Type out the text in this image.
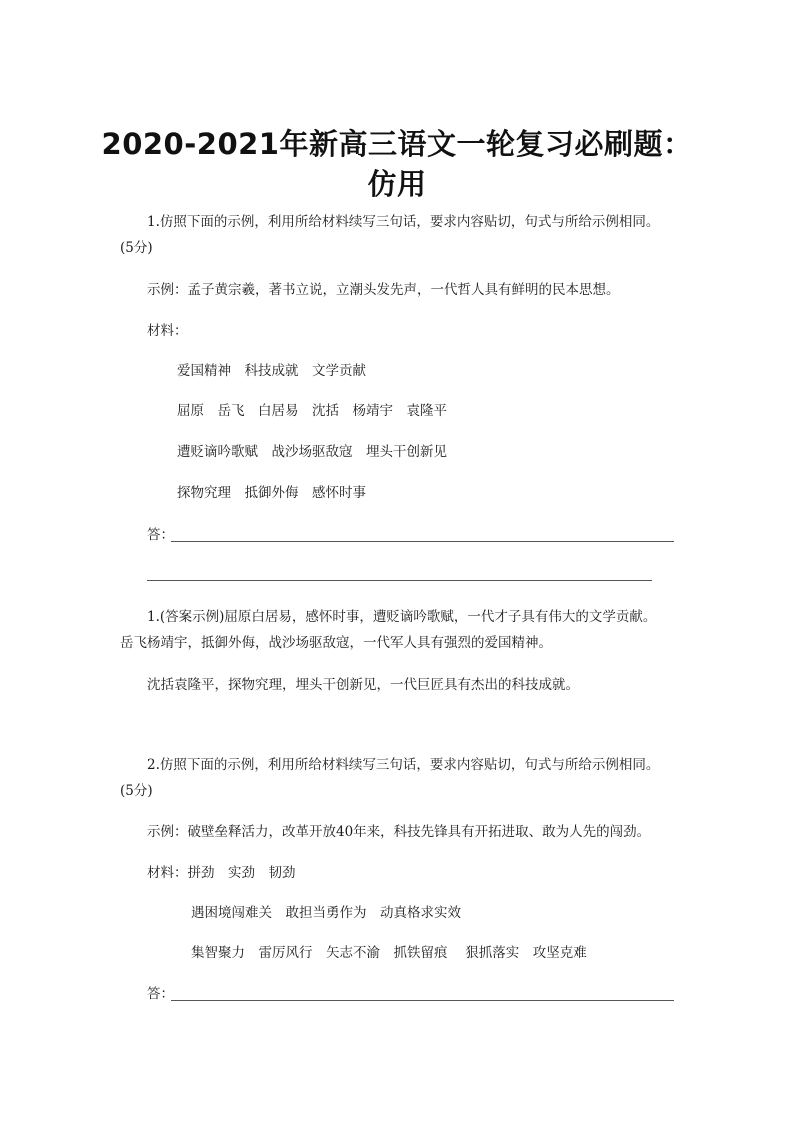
2020-2021年新高三语文一轮复习必刷题：
仿用
1.仿照下面的示例，利用所给材料续写三句话，要求内容贴切，句式与所给示例相同。
(5分)
示例：孟子黄宗羲，著书立说，立潮头发先声，一代哲人具有鲜明的民本思想。
材料：
爱国精神　科技成就　文学贡献
屈原　岳飞　白居易　沈括　杨靖宇　袁隆平
遭贬谪吟歌赋　战沙场驱敌寇　埋头干创新见
探物究理　抵御外侮　感怀时事
答：
1.(答案示例)屈原白居易，感怀时事，遭贬谪吟歌赋，一代才子具有伟大的文学贡献。
岳飞杨靖宇，抵御外侮，战沙场驱敌寇，一代军人具有强烈的爱国精神。
沈括袁隆平，探物究理，埋头干创新见，一代巨匠具有杰出的科技成就。
2.仿照下面的示例，利用所给材料续写三句话，要求内容贴切，句式与所给示例相同。
(5分)
示例：破壁垒释活力，改革开放40年来，科技先锋具有开拓进取、敢为人先的闯劲。
材料：拼劲　实劲　韧劲
遇困境闯难关　敢担当勇作为　动真格求实效
集智聚力　雷厉风行　矢志不渝　抓铁留痕　 狠抓落实　攻坚克难
答：
